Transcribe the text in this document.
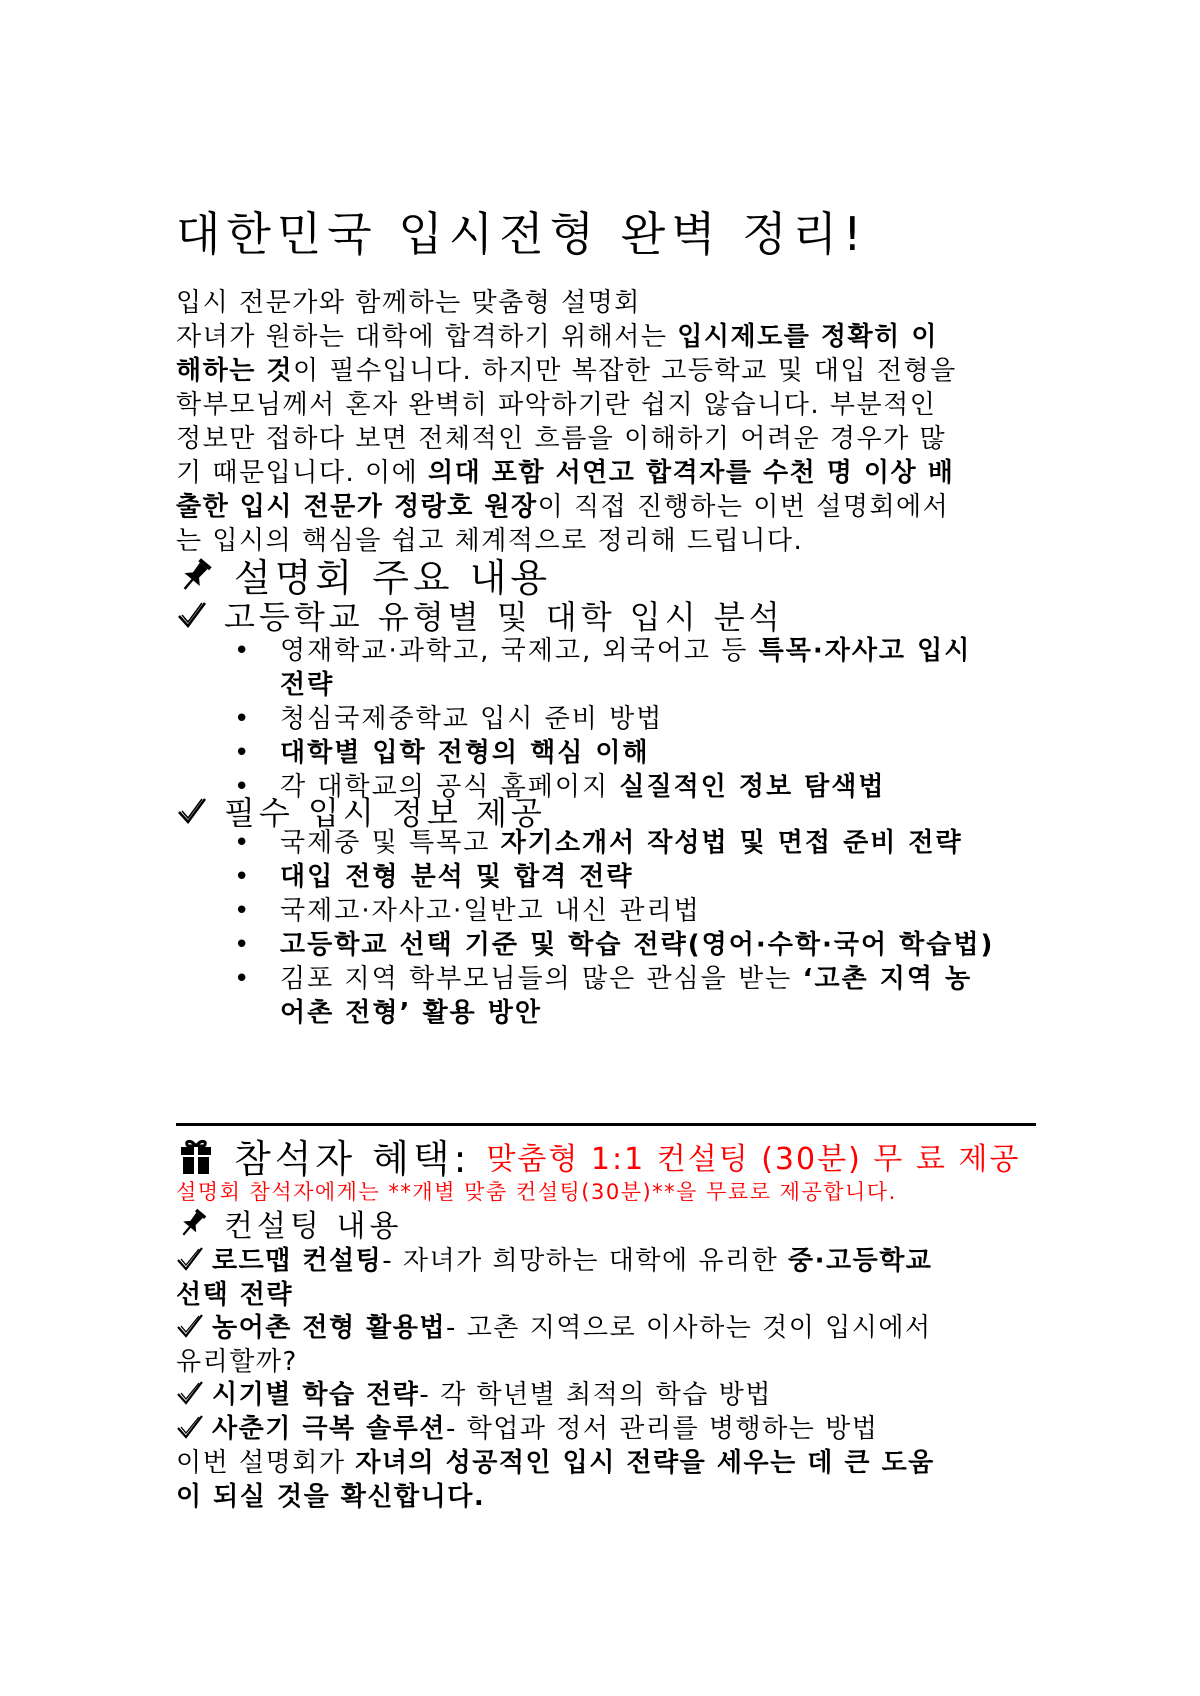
대한민국 입시전형 완벽 정리!
입시 전문가와 함께하는 맞춤형 설명회
자녀가 원하는 대학에 합격하기 위해서는 입시제도를 정확히 이
해하는 것이 필수입니다. 하지만 복잡한 고등학교 및 대입 전형을
학부모님께서 혼자 완벽히 파악하기란 쉽지 않습니다. 부분적인
정보만 접하다 보면 전체적인 흐름을 이해하기 어려운 경우가 많
기 때문입니다. 이에 의대 포함 서연고 합격자를 수천 명 이상 배
출한 입시 전문가 정랑호 원장이 직접 진행하는 이번 설명회에서
는 입시의 핵심을 쉽고 체계적으로 정리해 드립니다.
설명회 주요 내용
고등학교 유형별 및 대학 입시 분석
• 영재학교·과학고, 국제고, 외국어고 등 특목·자사고 입시
전략
• 청심국제중학교 입시 준비 방법
• 대학별 입학 전형의 핵심 이해
• 각 대학교의 공식 홈페이지 실질적인 정보 탐색법
필수 입시 정보 제공
• 국제중 및 특목고 자기소개서 작성법 및 면접 준비 전략
• 대입 전형 분석 및 합격 전략
• 국제고·자사고·일반고 내신 관리법
• 고등학교 선택 기준 및 학습 전략(영어·수학·국어 학습법)
• 김포 지역 학부모님들의 많은 관심을 받는 ‘고촌 지역 농
어촌 전형’ 활용 방안
참석자 혜택: 맞춤형 1:1 컨설팅 (30분) 무 료 제공
설명회 참석자에게는 **개별 맞춤 컨설팅(30분)**을 무료로 제공합니다.
컨설팅 내용
로드맵 컨설팅- 자녀가 희망하는 대학에 유리한 중·고등학교
선택 전략
농어촌 전형 활용법- 고촌 지역으로 이사하는 것이 입시에서
유리할까?
시기별 학습 전략- 각 학년별 최적의 학습 방법
사춘기 극복 솔루션- 학업과 정서 관리를 병행하는 방법
이번 설명회가 자녀의 성공적인 입시 전략을 세우는 데 큰 도움
이 되실 것을 확신합니다.
